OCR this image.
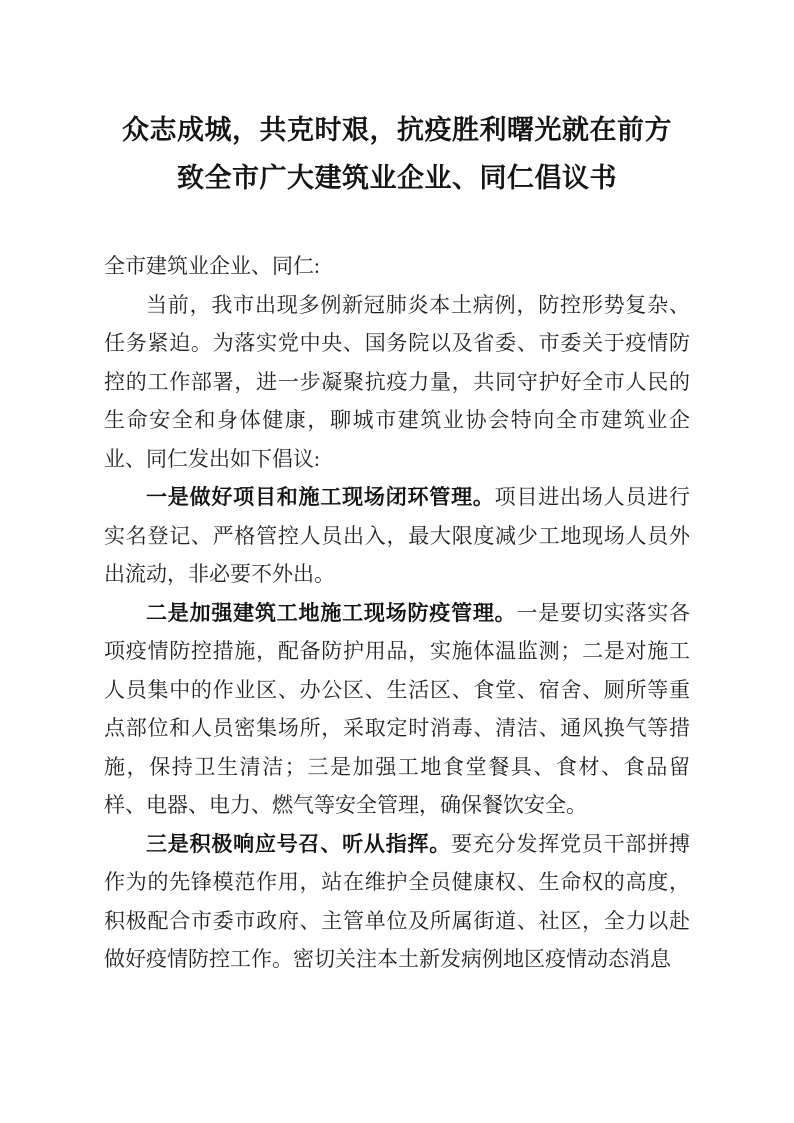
众志成城，共克时艰，抗疫胜利曙光就在前方
致全市广大建筑业企业、同仁倡议书

全市建筑业企业、同仁:

当前，我市出现多例新冠肺炎本土病例，防控形势复杂、任务紧迫。为落实党中央、国务院以及省委、市委关于疫情防控的工作部署，进一步凝聚抗疫力量，共同守护好全市人民的生命安全和身体健康，聊城市建筑业协会特向全市建筑业企业、同仁发出如下倡议:

一是做好项目和施工现场闭环管理。项目进出场人员进行实名登记、严格管控人员出入，最大限度减少工地现场人员外出流动，非必要不外出。

二是加强建筑工地施工现场防疫管理。一是要切实落实各项疫情防控措施，配备防护用品，实施体温监测；二是对施工人员集中的作业区、办公区、生活区、食堂、宿舍、厕所等重点部位和人员密集场所，采取定时消毒、清洁、通风换气等措施，保持卫生清洁；三是加强工地食堂餐具、食材、食品留样、电器、电力、燃气等安全管理，确保餐饮安全。

三是积极响应号召、听从指挥。要充分发挥党员干部拼搏作为的先锋模范作用，站在维护全员健康权、生命权的高度，积极配合市委市政府、主管单位及所属街道、社区，全力以赴做好疫情防控工作。密切关注本土新发病例地区疫情动态消息
